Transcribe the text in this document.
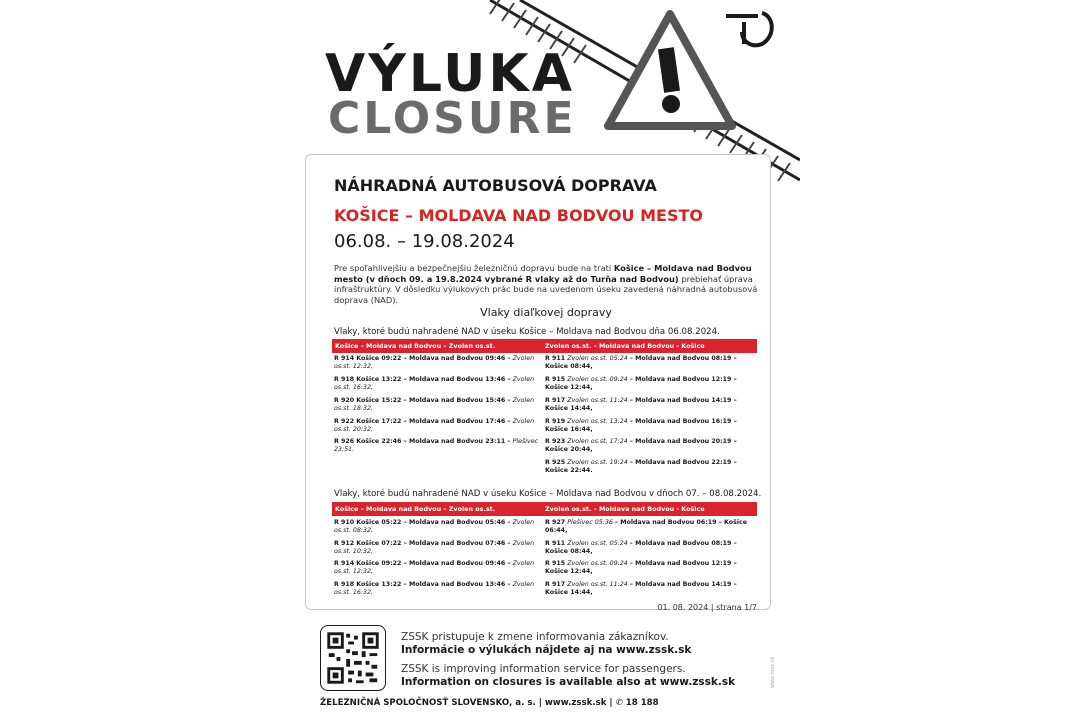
VÝLUKA
CLOSURE
NÁHRADNÁ AUTOBUSOVÁ DOPRAVA
KOŠICE – MOLDAVA NAD BODVOU MESTO
06.08. – 19.08.2024
Pre spoľahlivejšiu a bezpečnejšiu železničnú dopravu bude na trati Košice – Moldava nad Bodvou mesto (v dňoch 09. a 19.8.2024 vybrané R vlaky až do Turňa nad Bodvou) prebiehať úprava infraštruktúry. V dôsledku výlukových prác bude na uvedenom úseku zavedená náhradná autobusová doprava (NAD).
Vlaky diaľkovej dopravy
Vlaky, ktoré budú nahradené NAD v úseku Košice – Moldava nad Bodvou dňa 06.08.2024.
Košice – Moldava nad Bodvou – Zvolen os.st.	Zvolen os.st. – Moldava nad Bodvou - Košice
R 914 Košice 09:22 – Moldava nad Bodvou 09:46 – Zvolen os.st. 12:32,
R 918 Košice 13:22 – Moldava nad Bodvou 13:46 – Zvolen os.st. 16:32,
R 920 Košice 15:22 – Moldava nad Bodvou 15:46 – Zvolen os.st. 18:32,
R 922 Košice 17:22 – Moldava nad Bodvou 17:46 – Zvolen os.st. 20:32,
R 926 Košice 22:46 – Moldava nad Bodvou 23:11 – Plešivec 23:51.
R 911 Zvolen os.st. 05:24 – Moldava nad Bodvou 08:19 – Košice 08:44,
R 915 Zvolen os.st. 09:24 – Moldava nad Bodvou 12:19 – Košice 12:44,
R 917 Zvolen os.st. 11:24 – Moldava nad Bodvou 14:19 – Košice 14:44,
R 919 Zvolen os.st. 13:24 – Moldava nad Bodvou 16:19 – Košice 16:44,
R 923 Zvolen os.st. 17:24 – Moldava nad Bodvou 20:19 – Košice 20:44,
R 925 Zvolen os.st. 19:24 – Moldava nad Bodvou 22:19 – Košice 22:44.
Vlaky, ktoré budú nahradené NAD v úseku Košice – Moldava nad Bodvou v dňoch 07. – 08.08.2024.
Košice – Moldava nad Bodvou – Zvolen os.st.	Zvolen os.st. – Moldava nad Bodvou - Košice
R 910 Košice 05:22 – Moldava nad Bodvou 05:46 – Zvolen os.st. 08:32,
R 912 Košice 07:22 – Moldava nad Bodvou 07:46 – Zvolen os.st. 10:32,
R 914 Košice 09:22 – Moldava nad Bodvou 09:46 – Zvolen os.st. 12:32,
R 918 Košice 13:22 – Moldava nad Bodvou 13:46 – Zvolen os.st. 16:32,
R 927 Plešivec 05:36 – Moldava nad Bodvou 06:19 – Košice 06:44,
R 911 Zvolen os.st. 05:24 – Moldava nad Bodvou 08:19 – Košice 08:44,
R 915 Zvolen os.st. 09:24 – Moldava nad Bodvou 12:19 – Košice 12:44,
R 917 Zvolen os.st. 11:24 – Moldava nad Bodvou 14:19 – Košice 14:44,
01. 08. 2024 | strana 1/7
ZSSK pristupuje k zmene informovania zákazníkov.
Informácie o výlukách nájdete aj na www.zssk.sk
ZSSK is improving information service for passengers.
Information on closures is available also at www.zssk.sk
ŽELEZNIČNÁ SPOLOČNOSŤ SLOVENSKO, a. s. | www.zssk.sk | ✆ 18 188
www.zssk.sk
